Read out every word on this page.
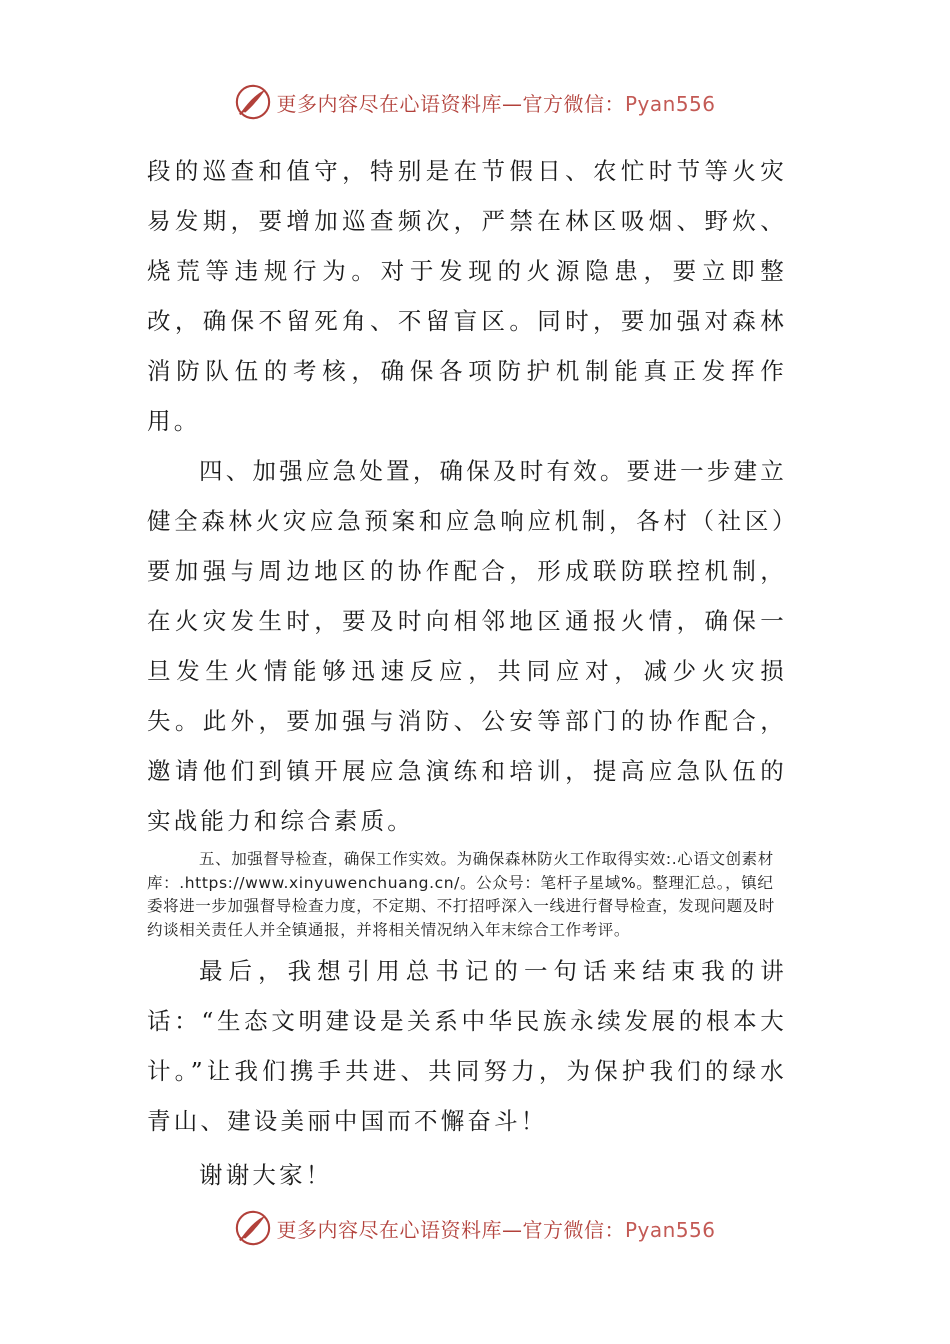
更多内容尽在心语资料库—官方微信：Pyan556

段的巡查和值守，特别是在节假日、农忙时节等火灾易发期，要增加巡查频次，严禁在林区吸烟、野炊、烧荒等违规行为。对于发现的火源隐患，要立即整改，确保不留死角、不留盲区。同时，要加强对森林消防队伍的考核，确保各项防护机制能真正发挥作用。

四、加强应急处置，确保及时有效。要进一步建立健全森林火灾应急预案和应急响应机制，各村（社区）要加强与周边地区的协作配合，形成联防联控机制，在火灾发生时，要及时向相邻地区通报火情，确保一旦发生火情能够迅速反应，共同应对，减少火灾损失。此外，要加强与消防、公安等部门的协作配合，邀请他们到镇开展应急演练和培训，提高应急队伍的实战能力和综合素质。

五、加强督导检查，确保工作实效。为确保森林防火工作取得实效:.心语文创素材库：.https://www.xinyuwenchuang.cn/。公众号：笔杆子星域%。整理汇总。，镇纪委将进一步加强督导检查力度，不定期、不打招呼深入一线进行督导检查，发现问题及时约谈相关责任人并全镇通报，并将相关情况纳入年末综合工作考评。

最后，我想引用总书记的一句话来结束我的讲话：“生态文明建设是关系中华民族永续发展的根本大计。”让我们携手共进、共同努力，为保护我们的绿水青山、建设美丽中国而不懈奋斗！

谢谢大家！

更多内容尽在心语资料库—官方微信：Pyan556
